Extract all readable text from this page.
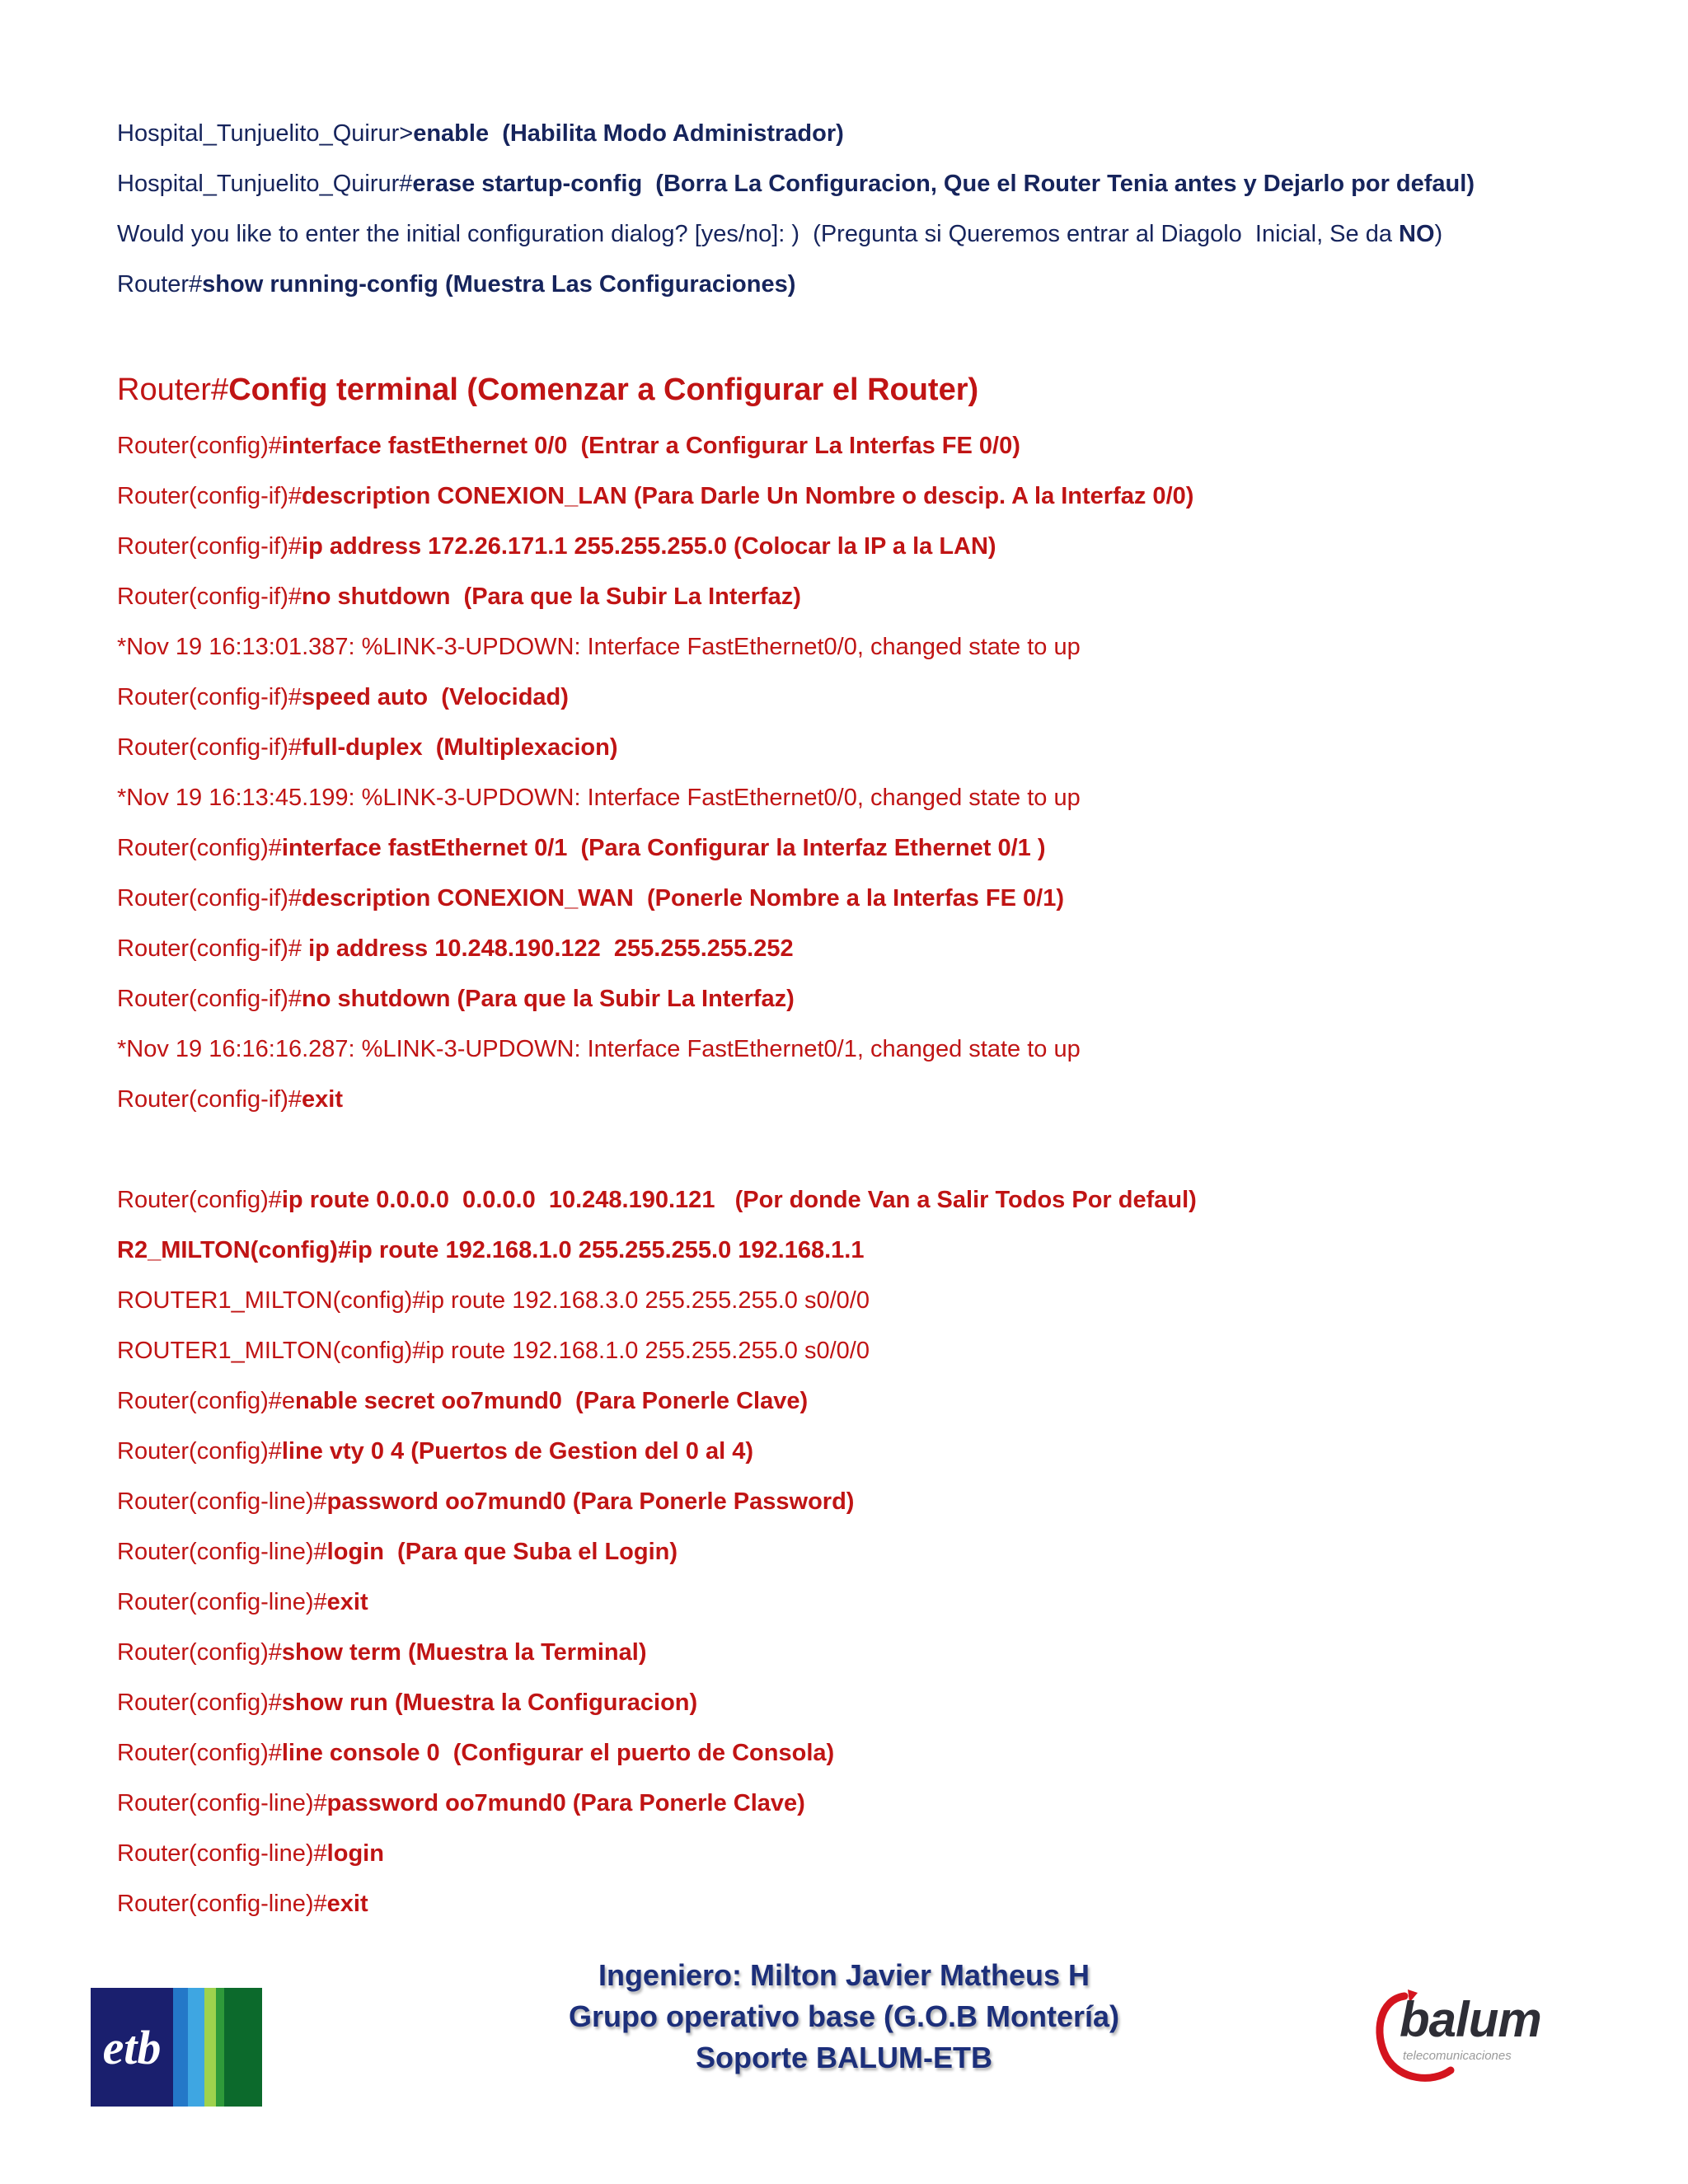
Hospital_Tunjuelito_Quirur>enable  (Habilita Modo Administrador)
Hospital_Tunjuelito_Quirur#erase startup-config  (Borra La Configuracion, Que el Router Tenia antes y Dejarlo por defaul)
Would you like to enter the initial configuration dialog? [yes/no]: )  (Pregunta si Queremos entrar al Diagolo  Inicial, Se da NO)
Router#show running-config (Muestra Las Configuraciones)
Router#Config terminal (Comenzar a Configurar el Router)
Router(config)#interface fastEthernet 0/0  (Entrar a Configurar La Interfas FE 0/0)
Router(config-if)#description CONEXION_LAN (Para Darle Un Nombre o descip. A la Interfaz 0/0)
Router(config-if)#ip address 172.26.171.1 255.255.255.0 (Colocar la IP a la LAN)
Router(config-if)#no shutdown  (Para que la Subir La Interfaz)
*Nov 19 16:13:01.387: %LINK-3-UPDOWN: Interface FastEthernet0/0, changed state to up
Router(config-if)#speed auto  (Velocidad)
Router(config-if)#full-duplex  (Multiplexacion)
*Nov 19 16:13:45.199: %LINK-3-UPDOWN: Interface FastEthernet0/0, changed state to up
Router(config)#interface fastEthernet 0/1  (Para Configurar la Interfaz Ethernet 0/1 )
Router(config-if)#description CONEXION_WAN  (Ponerle Nombre a la Interfas FE 0/1)
Router(config-if)# ip address 10.248.190.122  255.255.255.252
Router(config-if)#no shutdown (Para que la Subir La Interfaz)
*Nov 19 16:16:16.287: %LINK-3-UPDOWN: Interface FastEthernet0/1, changed state to up
Router(config-if)#exit
Router(config)#ip route 0.0.0.0  0.0.0.0  10.248.190.121   (Por donde Van a Salir Todos Por defaul)
R2_MILTON(config)#ip route 192.168.1.0 255.255.255.0 192.168.1.1
ROUTER1_MILTON(config)#ip route 192.168.3.0 255.255.255.0 s0/0/0
ROUTER1_MILTON(config)#ip route 192.168.1.0 255.255.255.0 s0/0/0
Router(config)#enable secret oo7mund0  (Para Ponerle Clave)
Router(config)#line vty 0 4 (Puertos de Gestion del 0 al 4)
Router(config-line)#password oo7mund0 (Para Ponerle Password)
Router(config-line)#login  (Para que Suba el Login)
Router(config-line)#exit
Router(config)#show term (Muestra la Terminal)
Router(config)#show run (Muestra la Configuracion)
Router(config)#line console 0  (Configurar el puerto de Consola)
Router(config-line)#password oo7mund0 (Para Ponerle Clave)
Router(config-line)#login
Router(config-line)#exit
etb
Ingeniero: Milton Javier Matheus H
Grupo operativo base (G.O.B Montería)
Soporte BALUM-ETB
balum
telecomunicaciones
